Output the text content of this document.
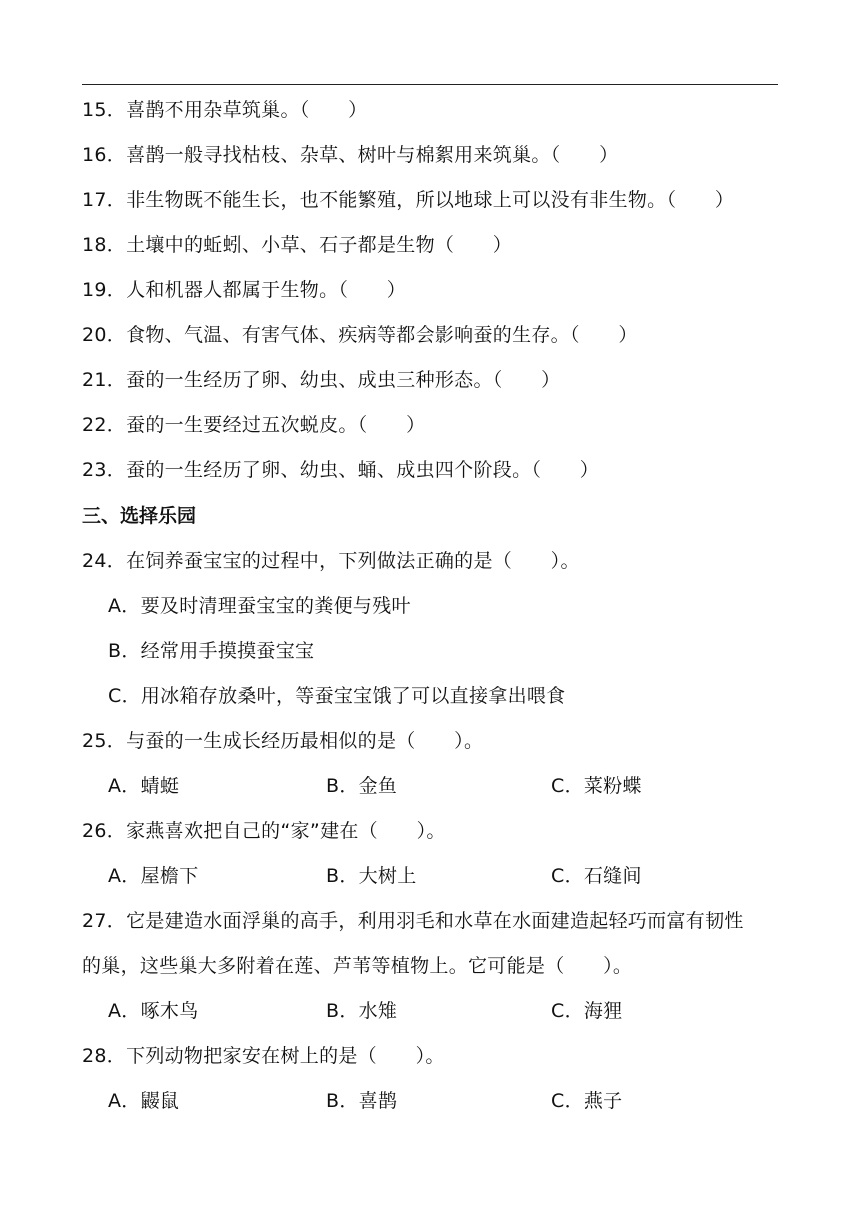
15．喜鹊不用杂草筑巢。（　　）
16．喜鹊一般寻找枯枝、杂草、树叶与棉絮用来筑巢。（　　）
17．非生物既不能生长，也不能繁殖，所以地球上可以没有非生物。（　　）
18．土壤中的蚯蚓、小草、石子都是生物（　　）
19．人和机器人都属于生物。（　　）
20．食物、气温、有害气体、疾病等都会影响蚕的生存。（　　）
21．蚕的一生经历了卵、幼虫、成虫三种形态。（　　）
22．蚕的一生要经过五次蜕皮。（　　）
23．蚕的一生经历了卵、幼虫、蛹、成虫四个阶段。（　　）
三、选择乐园
24．在饲养蚕宝宝的过程中，下列做法正确的是（　　）。
A．要及时清理蚕宝宝的粪便与残叶
B．经常用手摸摸蚕宝宝
C．用冰箱存放桑叶，等蚕宝宝饿了可以直接拿出喂食
25．与蚕的一生成长经历最相似的是（　　）。
A．蜻蜓	B．金鱼	C．菜粉蝶
26．家燕喜欢把自己的“家”建在（　　）。
A．屋檐下	B．大树上	C．石缝间
27．它是建造水面浮巢的高手，利用羽毛和水草在水面建造起轻巧而富有韧性
的巢，这些巢大多附着在莲、芦苇等植物上。它可能是（　　）。
A．啄木鸟	B．水雉	C．海狸
28．下列动物把家安在树上的是（　　）。
A．鼹鼠	B．喜鹊	C．燕子
